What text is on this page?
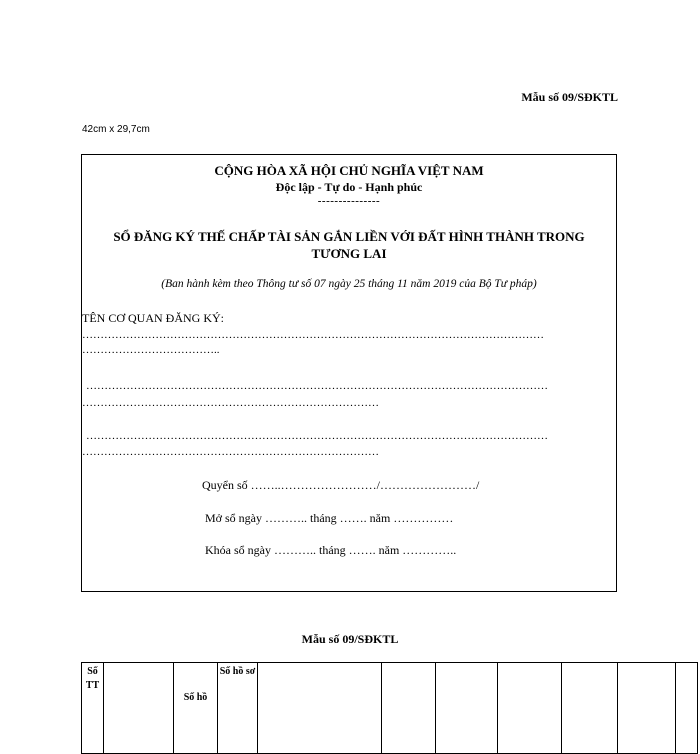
Mẫu số 09/SĐKTL
42cm x 29,7cm
CỘNG HÒA XÃ HỘI CHỦ NGHĨA VIỆT NAM
Độc lập - Tự do - Hạnh phúc
---------------
SỔ ĐĂNG KÝ THẾ CHẤP TÀI SẢN GẮN LIỀN VỚI ĐẤT HÌNH THÀNH TRONG
TƯƠNG LAI
(Ban hành kèm theo Thông tư số 07 ngày 25 tháng 11 năm 2019 của Bộ Tư pháp)
TÊN CƠ QUAN ĐĂNG KÝ:
………………………………………………………………………………………………………………
………………………………..
………………………………………………………………………………………………………………
………………………………………………………………………
………………………………………………………………………………………………………………
………………………………………………………………………
Quyển số ……..……………………/……………………/
Mở sổ ngày ……….. tháng ……. năm ……………
Khóa sổ ngày ……….. tháng ……. năm …………..
Mẫu số 09/SĐKTL
Số TT		Số hồ	Số hồ sơ							
